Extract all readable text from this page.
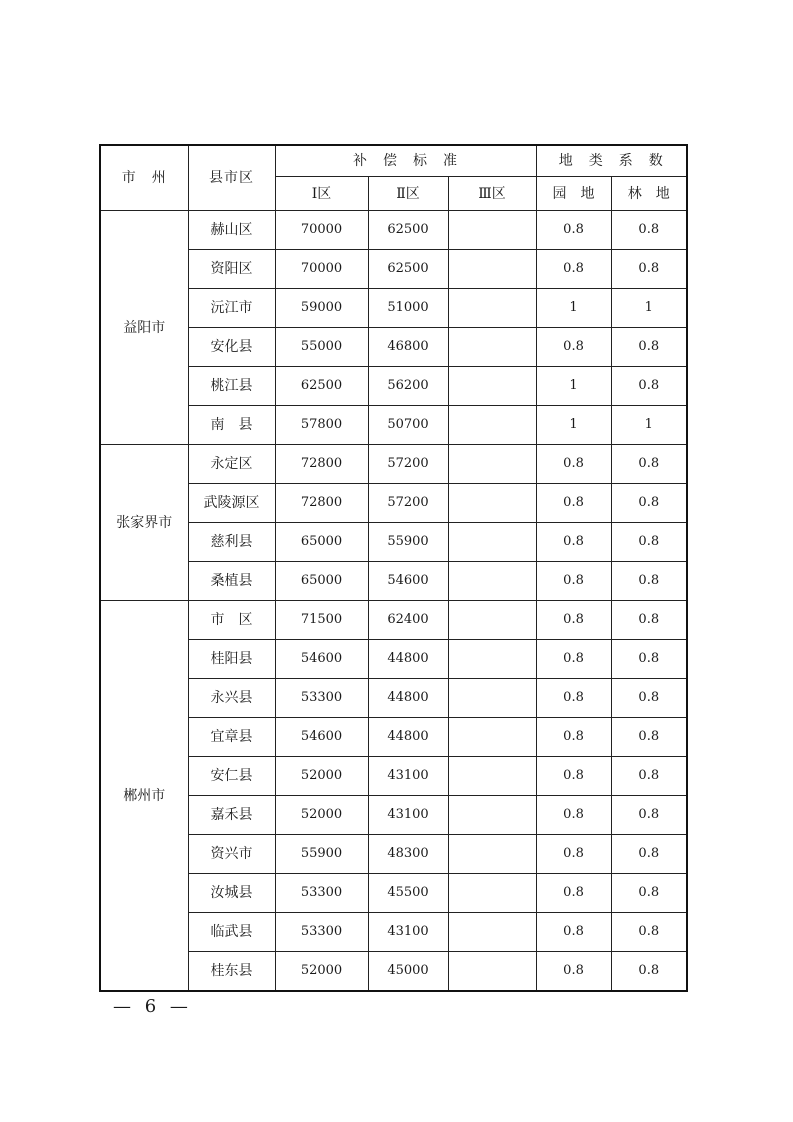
市　州	县市区	补　偿　标　准			地　类　系　数	
		Ⅰ区	Ⅱ区	Ⅲ区	园　地	林　地
益阳市	赫山区	70000	62500		0.8	0.8
	资阳区	70000	62500		0.8	0.8
	沅江市	59000	51000		1	1
	安化县	55000	46800		0.8	0.8
	桃江县	62500	56200		1	0.8
	南　县	57800	50700		1	1
张家界市	永定区	72800	57200		0.8	0.8
	武陵源区	72800	57200		0.8	0.8
	慈利县	65000	55900		0.8	0.8
	桑植县	65000	54600		0.8	0.8
郴州市	市　区	71500	62400		0.8	0.8
	桂阳县	54600	44800		0.8	0.8
	永兴县	53300	44800		0.8	0.8
	宜章县	54600	44800		0.8	0.8
	安仁县	52000	43100		0.8	0.8
	嘉禾县	52000	43100		0.8	0.8
	资兴市	55900	48300		0.8	0.8
	汝城县	53300	45500		0.8	0.8
	临武县	53300	43100		0.8	0.8
	桂东县	52000	45000		0.8	0.8
— 6 —
